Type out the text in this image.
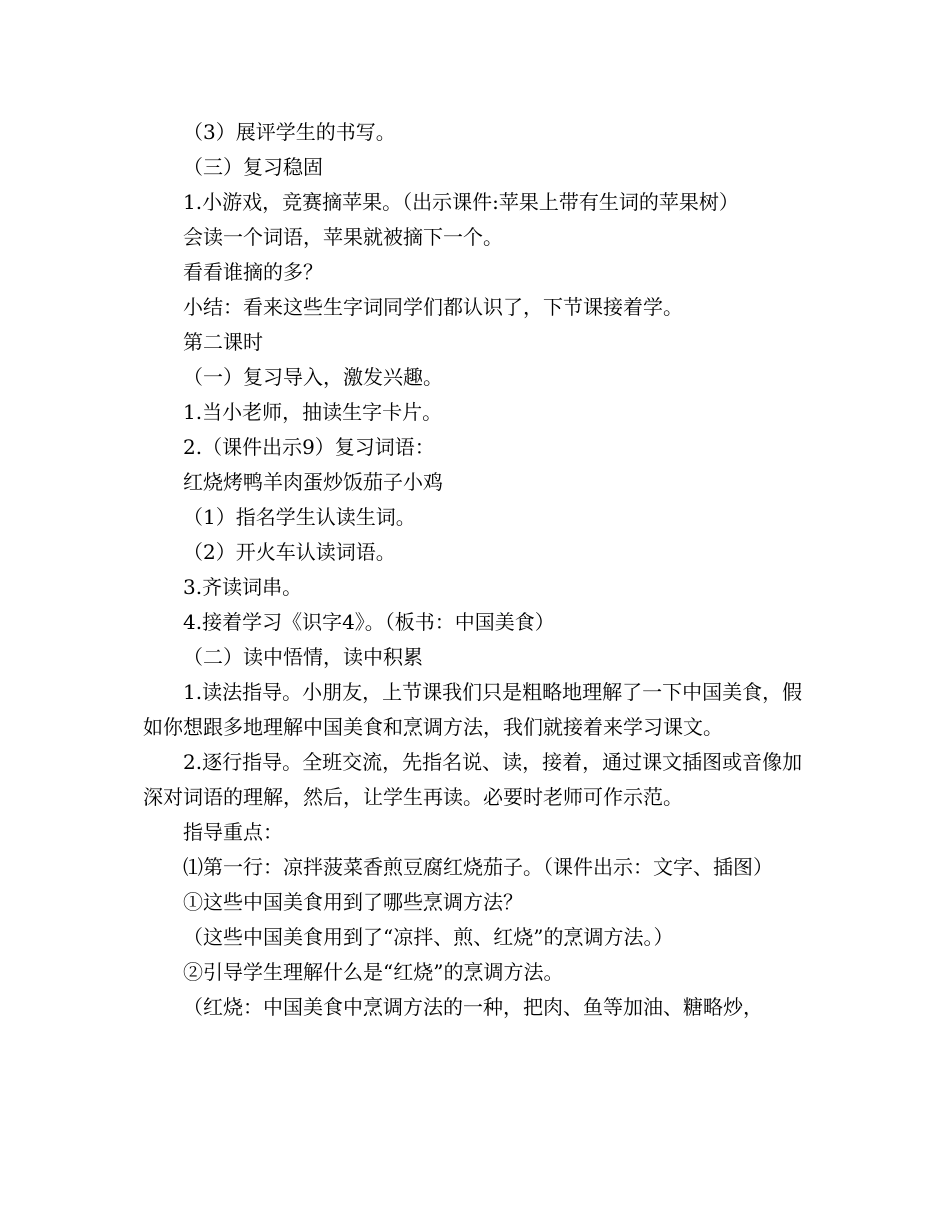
（3）展评学生的书写。

（三）复习稳固

1.小游戏，竞赛摘苹果。（出示课件:苹果上带有生词的苹果树）

会读一个词语，苹果就被摘下一个。

看看谁摘的多？

小结：看来这些生字词同学们都认识了，下节课接着学。

第二课时

（一）复习导入，激发兴趣。

1.当小老师，抽读生字卡片。

2.（课件出示9）复习词语：

红烧烤鸭羊肉蛋炒饭茄子小鸡

（1）指名学生认读生词。

（2）开火车认读词语。

3.齐读词串。

4.接着学习《识字4》。（板书：中国美食）

（二）读中悟情，读中积累

1.读法指导。小朋友，上节课我们只是粗略地理解了一下中国美食，假如你想跟多地理解中国美食和烹调方法，我们就接着来学习课文。

2.逐行指导。全班交流，先指名说、读，接着，通过课文插图或音像加深对词语的理解，然后，让学生再读。必要时老师可作示范。

指导重点：

⑴第一行：凉拌菠菜香煎豆腐红烧茄子。（课件出示：文字、插图）

①这些中国美食用到了哪些烹调方法？

（这些中国美食用到了“凉拌、煎、红烧”的烹调方法。）

②引导学生理解什么是“红烧”的烹调方法。

（红烧：中国美食中烹调方法的一种，把肉、鱼等加油、糖略炒，
